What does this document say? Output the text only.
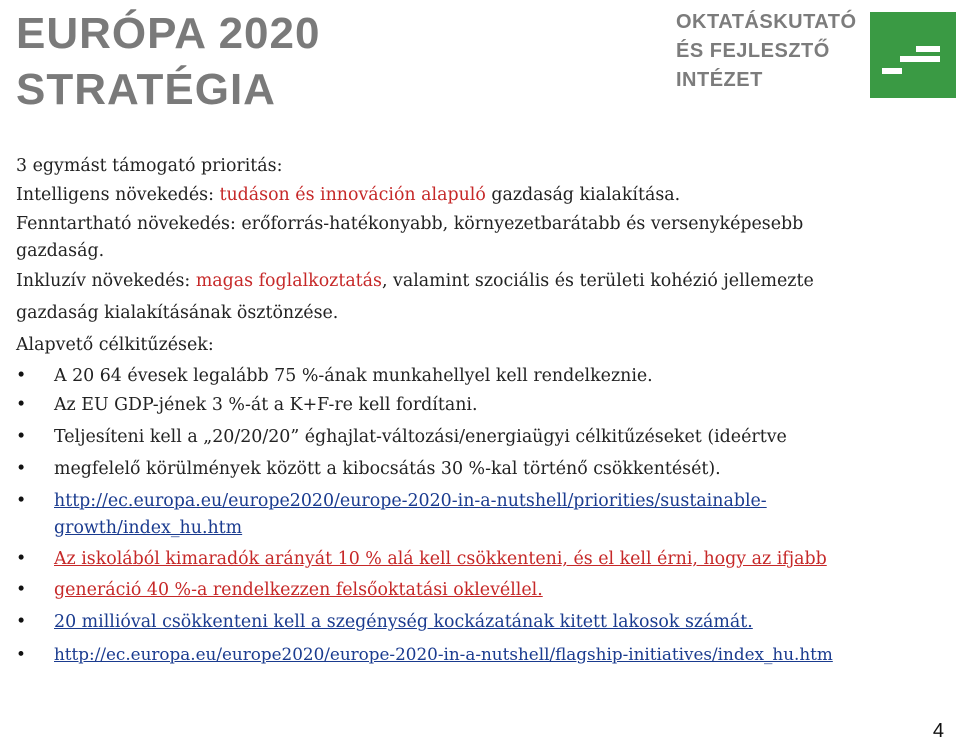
EURÓPA 2020
STRATÉGIA
OKTATÁSKUTATÓ
ÉS FEJLESZTŐ
INTÉZET
3 egymást támogató prioritás:
Intelligens növekedés: tudáson és innováción alapuló gazdaság kialakítása.
Fenntartható növekedés: erőforrás-hatékonyabb, környezetbarátabb és versenyképesebb
gazdaság.
Inkluzív növekedés: magas foglalkoztatás, valamint szociális és területi kohézió jellemezte
gazdaság kialakításának ösztönzése.
Alapvető célkitűzések:
• A 20 64 évesek legalább 75 %-ának munkahellyel kell rendelkeznie.
• Az EU GDP-jének 3 %-át a K+F-re kell fordítani.
• Teljesíteni kell a „20/20/20” éghajlat-változási/energiaügyi célkitűzéseket (ideértve
• megfelelő körülmények között a kibocsátás 30 %-kal történő csökkentését).
• http://ec.europa.eu/europe2020/europe-2020-in-a-nutshell/priorities/sustainable-
growth/index_hu.htm
• Az iskolából kimaradók arányát 10 % alá kell csökkenteni, és el kell érni, hogy az ifjabb
• generáció 40 %-a rendelkezzen felsőoktatási oklevéllel.
• 20 millióval csökkenteni kell a szegénység kockázatának kitett lakosok számát.
• http://ec.europa.eu/europe2020/europe-2020-in-a-nutshell/flagship-initiatives/index_hu.htm
4
